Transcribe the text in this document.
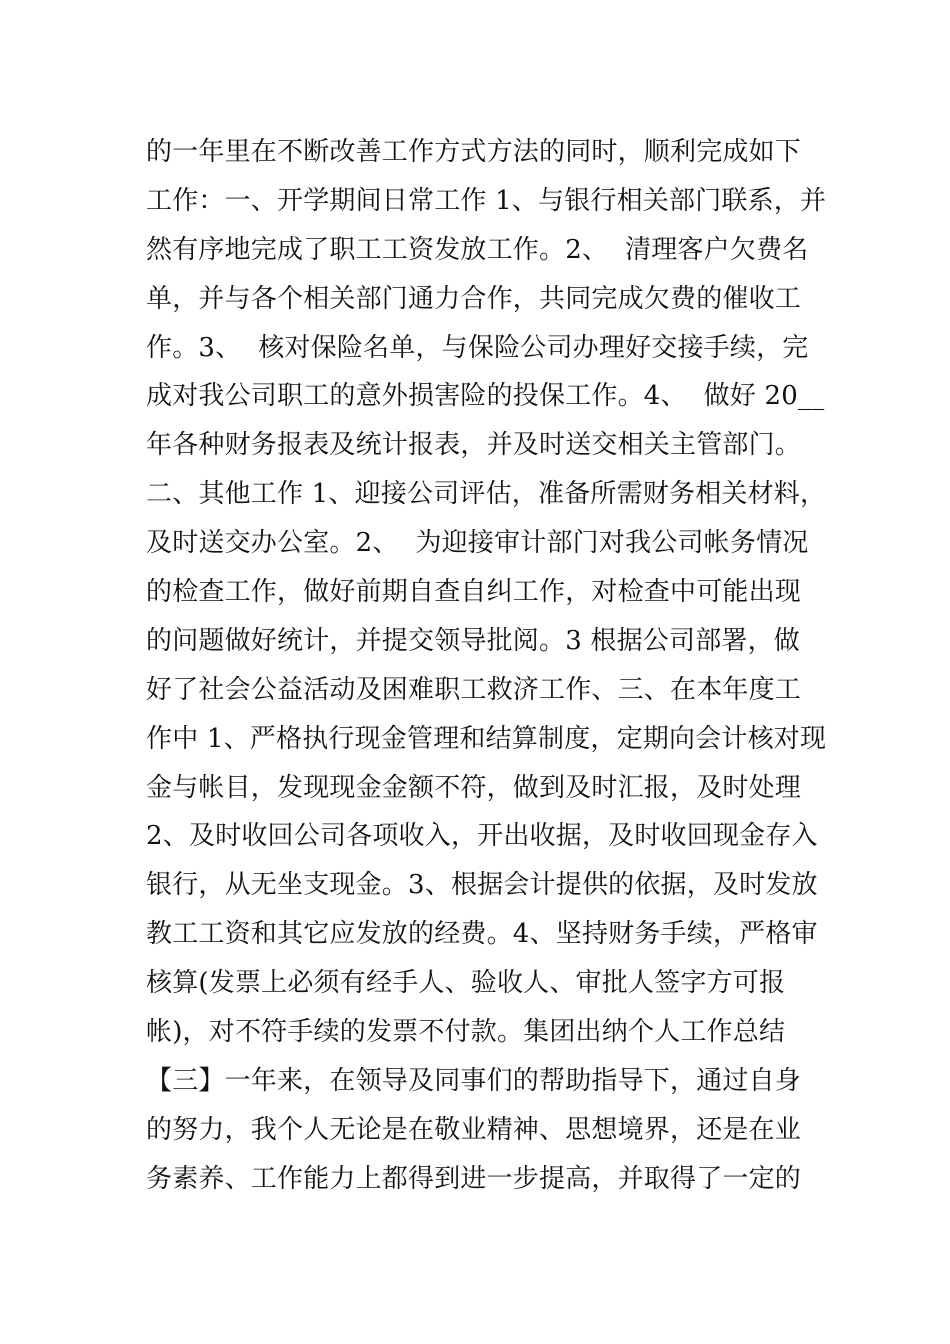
的一年里在不断改善工作方式方法的同时，顺利完成如下
工作：一、开学期间日常工作 1、与银行相关部门联系，并
然有序地完成了职工工资发放工作。2、  清理客户欠费名
单，并与各个相关部门通力合作，共同完成欠费的催收工
作。3、  核对保险名单，与保险公司办理好交接手续，完
成对我公司职工的意外损害险的投保工作。4、  做好 20__
年各种财务报表及统计报表，并及时送交相关主管部门。
二、其他工作 1、迎接公司评估，准备所需财务相关材料，
及时送交办公室。2、  为迎接审计部门对我公司帐务情况
的检查工作，做好前期自查自纠工作，对检查中可能出现
的问题做好统计，并提交领导批阅。3 根据公司部署，做
好了社会公益活动及困难职工救济工作、三、在本年度工
作中 1、严格执行现金管理和结算制度，定期向会计核对现
金与帐目，发现现金金额不符，做到及时汇报，及时处理
2、及时收回公司各项收入，开出收据，及时收回现金存入
银行，从无坐支现金。3、根据会计提供的依据，及时发放
教工工资和其它应发放的经费。4、坚持财务手续，严格审
核算(发票上必须有经手人、验收人、审批人签字方可报
帐)，对不符手续的发票不付款。集团出纳个人工作总结
【三】一年来，在领导及同事们的帮助指导下，通过自身
的努力，我个人无论是在敬业精神、思想境界，还是在业
务素养、工作能力上都得到进一步提高，并取得了一定的
